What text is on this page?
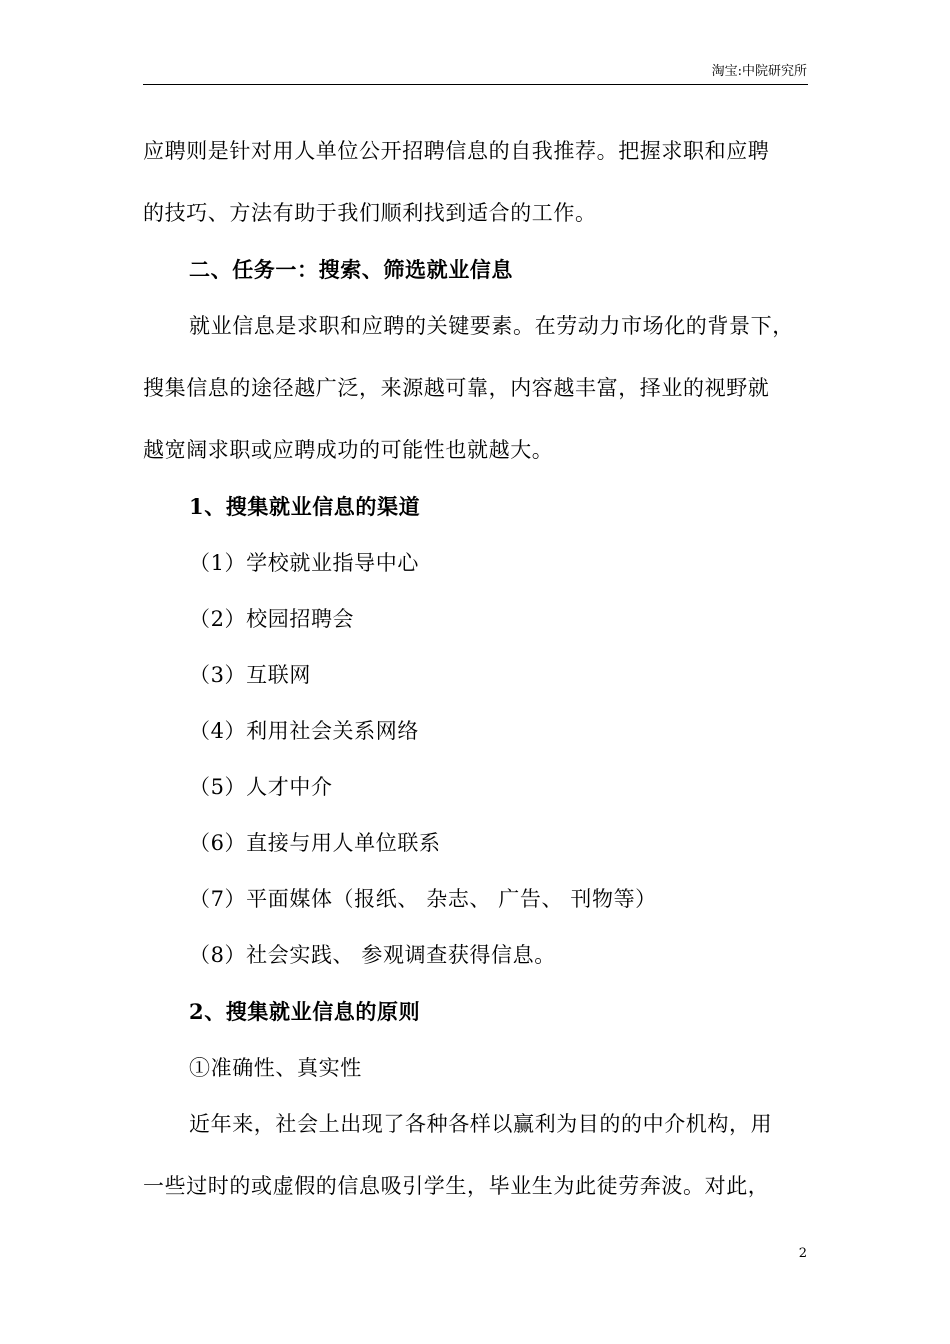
淘宝:中院研究所
应聘则是针对用人单位公开招聘信息的自我推荐。把握求职和应聘
的技巧、方法有助于我们顺利找到适合的工作。
二、任务一：搜索、筛选就业信息
就业信息是求职和应聘的关键要素。在劳动力市场化的背景下，
搜集信息的途径越广泛，来源越可靠，内容越丰富，择业的视野就
越宽阔求职或应聘成功的可能性也就越大。
1、搜集就业信息的渠道
（1）学校就业指导中心
（2）校园招聘会
（3）互联网
（4）利用社会关系网络
（5）人才中介
（6）直接与用人单位联系
（7）平面媒体（报纸、 杂志、 广告、 刊物等）
（8）社会实践、 参观调查获得信息。
2、搜集就业信息的原则
①准确性、真实性
近年来，社会上出现了各种各样以赢利为目的的中介机构，用
一些过时的或虚假的信息吸引学生，毕业生为此徒劳奔波。对此，
2
